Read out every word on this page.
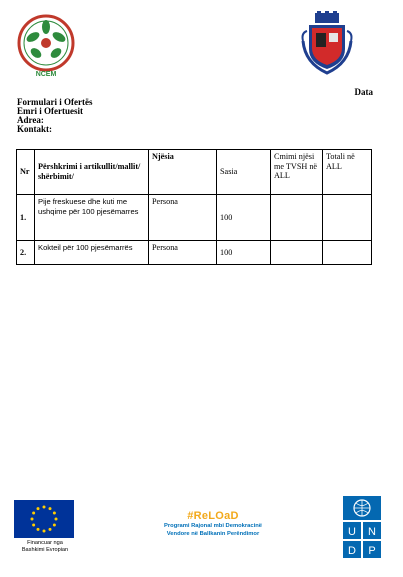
NCEM
Data
Formulari i Ofertës
Emri i Ofertuesit
Adrea:
Kontakt:
Nr	Përshkrimi i artikullit/mallit/ shërbimit/	Njësia	Sasia	Cmimi njësi me TVSH në ALL	Totali në ALL
1.	Pije freskuese dhe kuti me ushqime për 100 pjesëmarres	Persona	100		
2.	Kokteil për 100 pjesëmarrës	Persona	100		
Financuar nga
Bashkimi Evropian
#ReLOaD
Programi Rajonal mbi Demokracinë
Vendore në Ballkanin Perëndimor	U N
D P
